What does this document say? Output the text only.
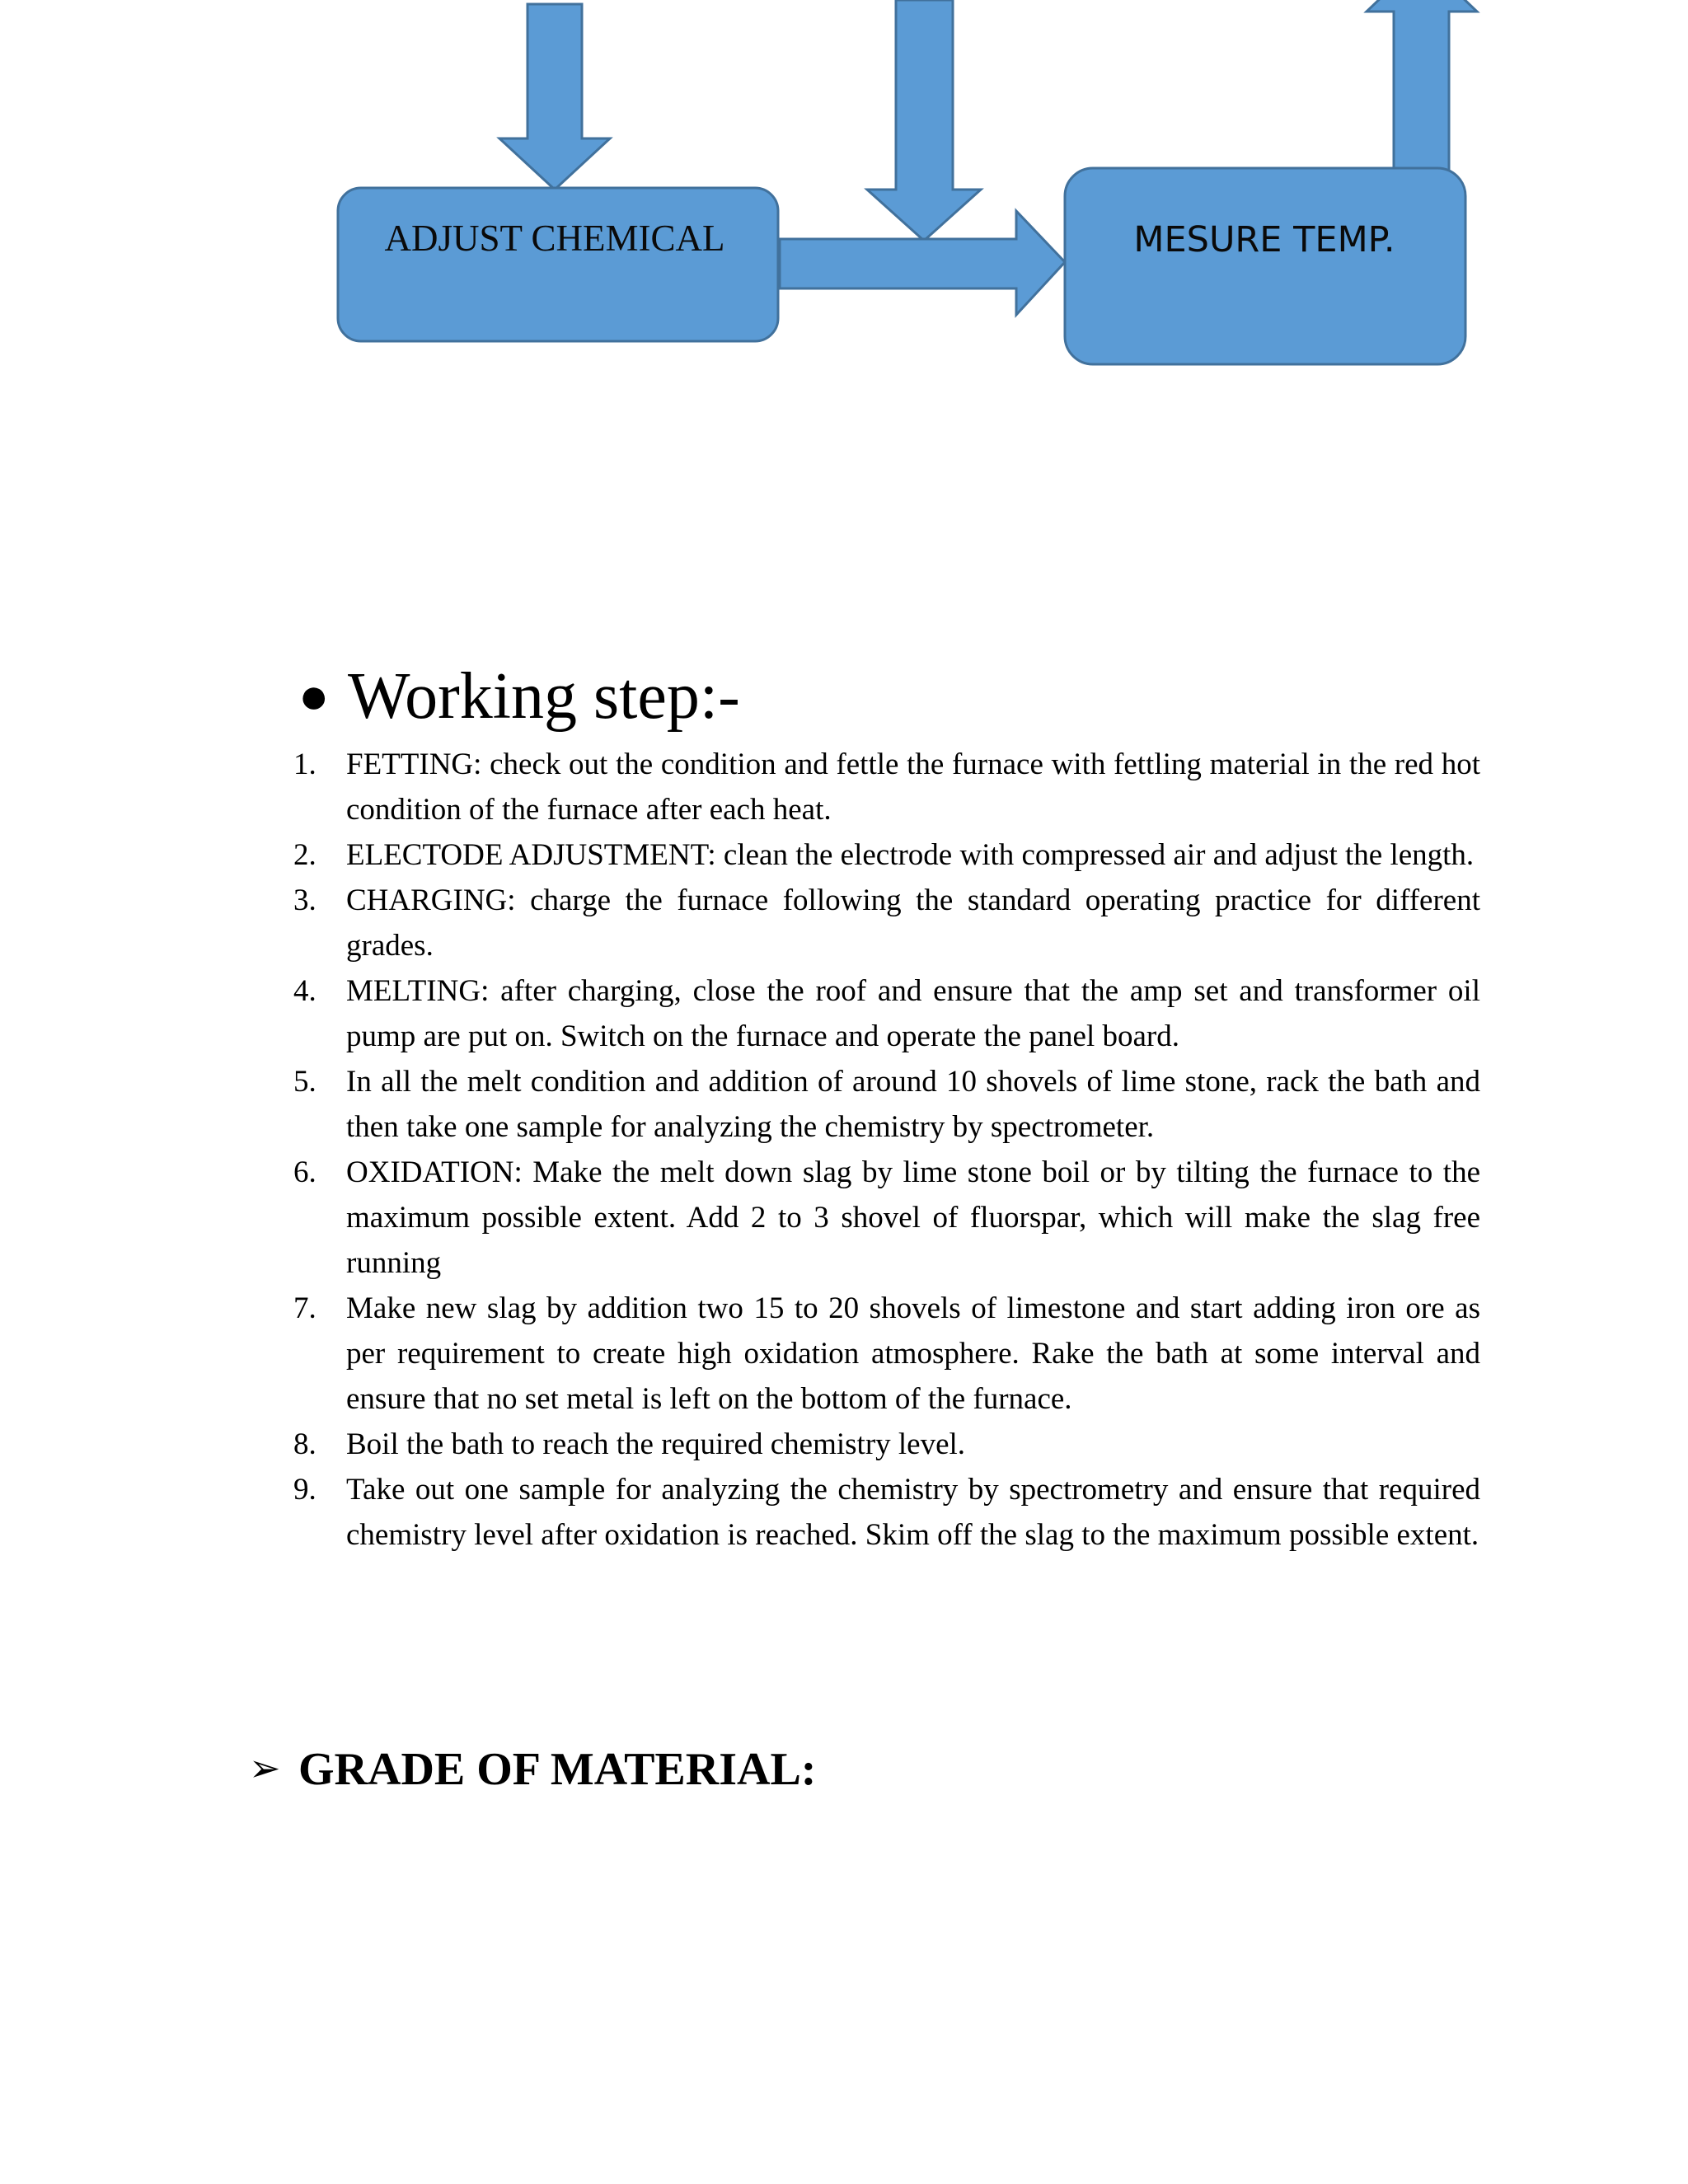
ADJUST CHEMICAL	MESURE TEMP.
● Working step:-
1. FETTING: check out the condition and fettle the furnace with fettling material in the red hot condition of the furnace after each heat.
2. ELECTODE ADJUSTMENT: clean the electrode with compressed air and adjust the length.
3. CHARGING: charge the furnace following the standard operating practice for different grades.
4. MELTING: after charging, close the roof and ensure that the amp set and transformer oil pump are put on. Switch on the furnace and operate the panel board.
5. In all the melt condition and addition of around 10 shovels of lime stone, rack the bath and then take one sample for analyzing the chemistry by spectrometer.
6. OXIDATION: Make the melt down slag by lime stone boil or by tilting the furnace to the maximum possible extent. Add 2 to 3 shovel of fluorspar, which will make the slag free running
7. Make new slag by addition two 15 to 20 shovels of limestone and start adding iron ore as per requirement to create high oxidation atmosphere. Rake the bath at some interval and ensure that no set metal is left on the bottom of the furnace.
8. Boil the bath to reach the required chemistry level.
9. Take out one sample for analyzing the chemistry by spectrometry and ensure that required chemistry level after oxidation is reached. Skim off the slag to the maximum possible extent.
➢ GRADE OF MATERIAL:
